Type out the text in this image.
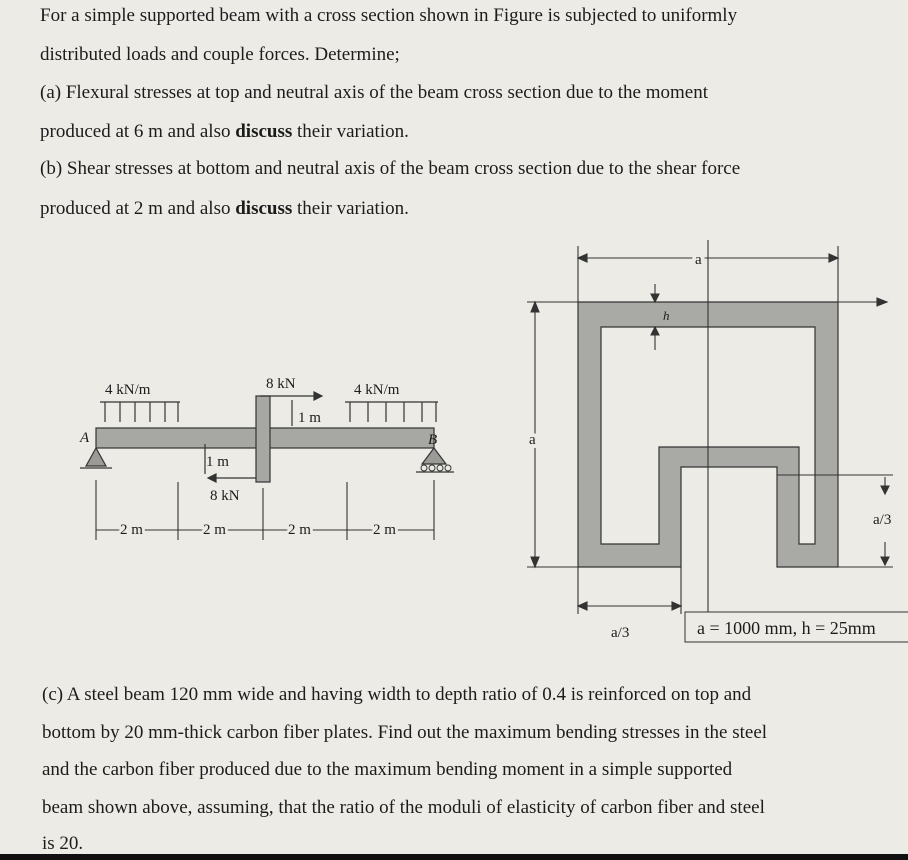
For a simple supported beam with a cross section shown in Figure is subjected to uniformly
distributed loads and couple forces. Determine;
(a) Flexural stresses at top and neutral axis of the beam cross section due to the moment
produced at 6 m and also discuss their variation.
(b) Shear stresses at bottom and neutral axis of the beam cross section due to the shear force
produced at 2 m and also discuss their variation.
4 kN/m	8 kN
1 m
4 kN/m
A	B
1 m
8 kN
2 m	2 m	2 m	2 m
a
a
h
a/3
a/3	a = 1000 mm, h = 25mm
(c) A steel beam 120 mm wide and having width to depth ratio of 0.4 is reinforced on top and
bottom by 20 mm-thick carbon fiber plates. Find out the maximum bending stresses in the steel
and the carbon fiber produced due to the maximum bending moment in a simple supported
beam shown above, assuming, that the ratio of the moduli of elasticity of carbon fiber and steel
is 20.
